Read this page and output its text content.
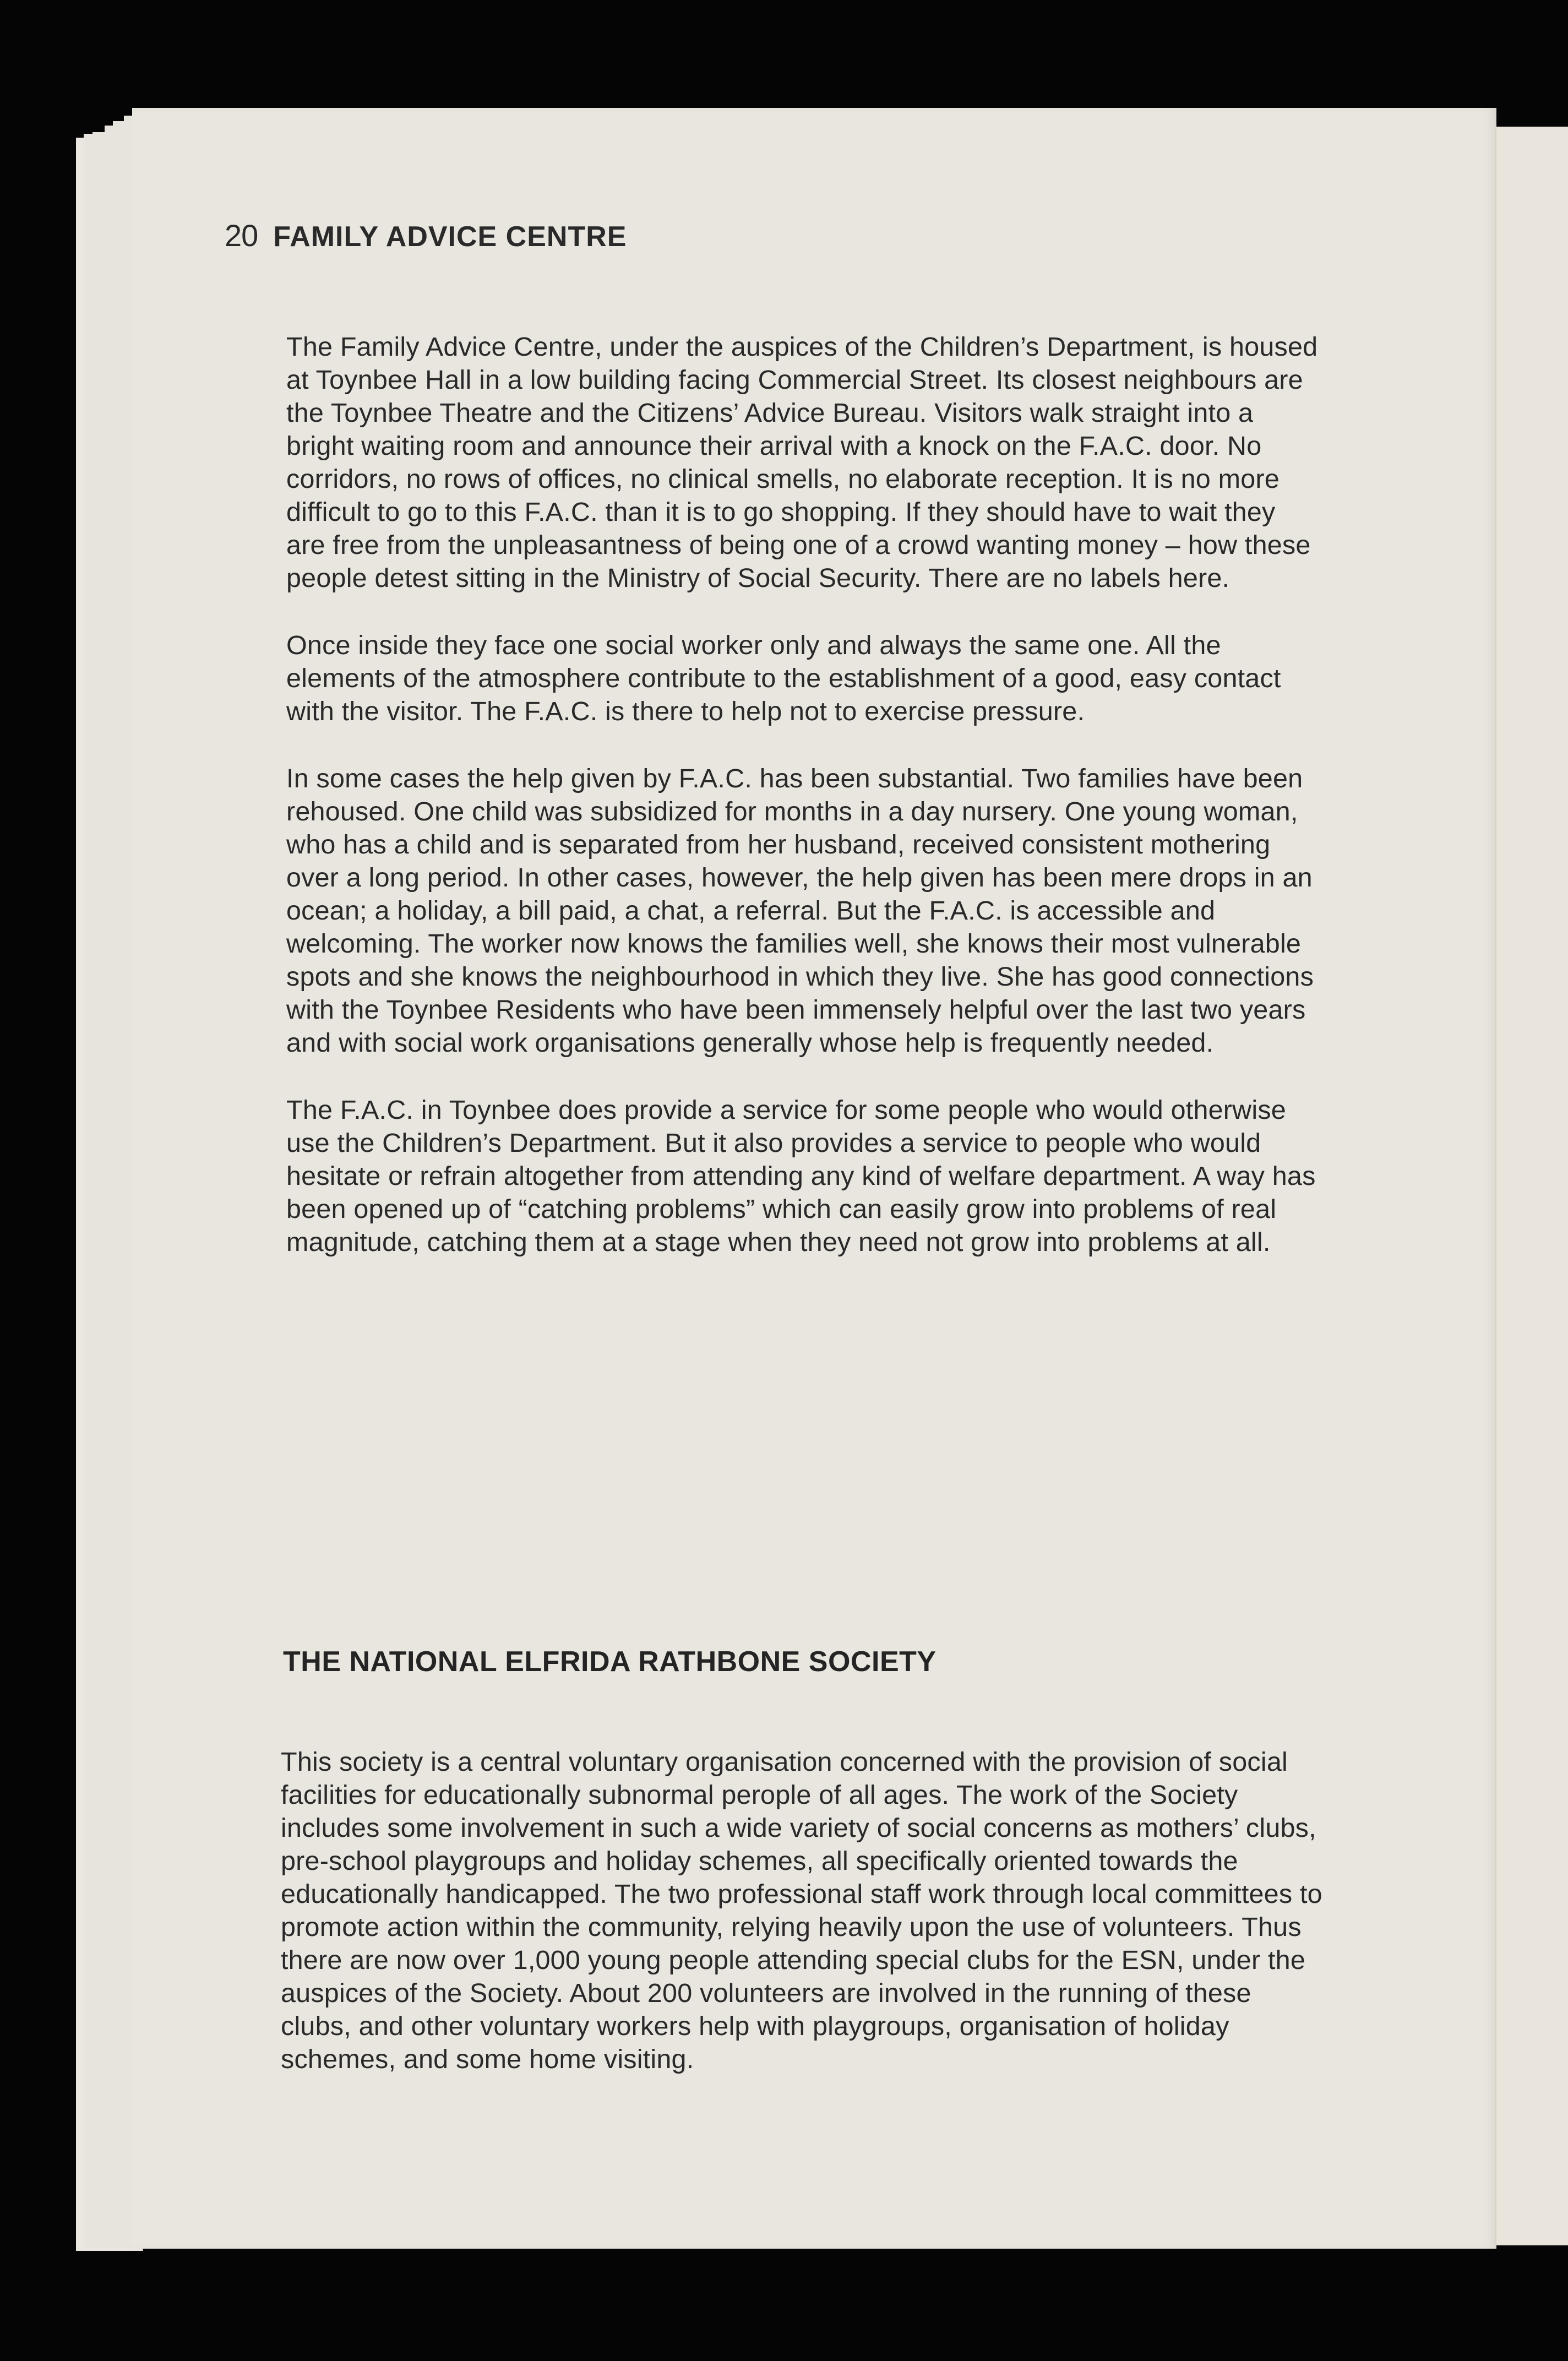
20 FAMILY ADVICE CENTRE

The Family Advice Centre, under the auspices of the Children’s Department, is housed at Toynbee Hall in a low building facing Commercial Street. Its closest neighbours are the Toynbee Theatre and the Citizens’ Advice Bureau. Visitors walk straight into a bright waiting room and announce their arrival with a knock on the F.A.C. door. No corridors, no rows of offices, no clinical smells, no elaborate reception. It is no more difficult to go to this F.A.C. than it is to go shopping. If they should have to wait they are free from the unpleasantness of being one of a crowd wanting money – how these people detest sitting in the Ministry of Social Security. There are no labels here.

Once inside they face one social worker only and always the same one. All the elements of the atmosphere contribute to the establishment of a good, easy contact with the visitor. The F.A.C. is there to help not to exercise pressure.

In some cases the help given by F.A.C. has been substantial. Two families have been rehoused. One child was subsidized for months in a day nursery. One young woman, who has a child and is separated from her husband, received consistent mothering over a long period. In other cases, however, the help given has been mere drops in an ocean; a holiday, a bill paid, a chat, a referral. But the F.A.C. is accessible and welcoming. The worker now knows the families well, she knows their most vulnerable spots and she knows the neighbourhood in which they live. She has good connections with the Toynbee Residents who have been immensely helpful over the last two years and with social work organisations generally whose help is frequently needed.

The F.A.C. in Toynbee does provide a service for some people who would otherwise use the Children’s Department. But it also provides a service to people who would hesitate or refrain altogether from attending any kind of welfare department. A way has been opened up of “catching problems” which can easily grow into problems of real magnitude, catching them at a stage when they need not grow into problems at all.

THE NATIONAL ELFRIDA RATHBONE SOCIETY

This society is a central voluntary organisation concerned with the provision of social facilities for educationally subnormal perople of all ages. The work of the Society includes some involvement in such a wide variety of social concerns as mothers’ clubs, pre-school playgroups and holiday schemes, all specifically oriented towards the educationally handicapped. The two professional staff work through local committees to promote action within the community, relying heavily upon the use of volunteers. Thus there are now over 1,000 young people attending special clubs for the ESN, under the auspices of the Society. About 200 volunteers are involved in the running of these clubs, and other voluntary workers help with playgroups, organisation of holiday schemes, and some home visiting.
